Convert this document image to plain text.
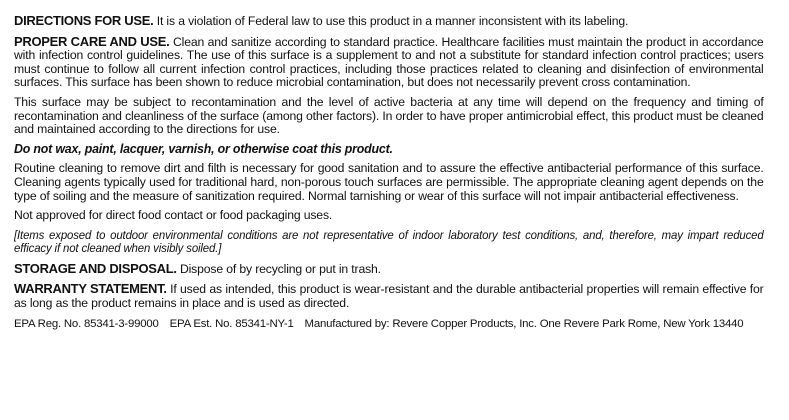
DIRECTIONS FOR USE. It is a violation of Federal law to use this product in a manner inconsistent with its labeling.

PROPER CARE AND USE. Clean and sanitize according to standard practice. Healthcare facilities must maintain the product in accordance with infection control guidelines. The use of this surface is a supplement to and not a substitute for standard infection control practices; users must continue to follow all current infection control practices, including those practices related to cleaning and disinfection of environmental surfaces. This surface has been shown to reduce microbial contamination, but does not necessarily prevent cross contamination.

This surface may be subject to recontamination and the level of active bacteria at any time will depend on the frequency and timing of recontamination and cleanliness of the surface (among other factors). In order to have proper antimicrobial effect, this product must be cleaned and maintained according to the directions for use.

Do not wax, paint, lacquer, varnish, or otherwise coat this product.

Routine cleaning to remove dirt and filth is necessary for good sanitation and to assure the effective antibacterial performance of this surface. Cleaning agents typically used for traditional hard, non-porous touch surfaces are permissible. The appropriate cleaning agent depends on the type of soiling and the measure of sanitization required. Normal tarnishing or wear of this surface will not impair antibacterial effectiveness.

Not approved for direct food contact or food packaging uses.

[Items exposed to outdoor environmental conditions are not representative of indoor laboratory test conditions, and, therefore, may impart reduced efficacy if not cleaned when visibly soiled.]

STORAGE AND DISPOSAL. Dispose of by recycling or put in trash.

WARRANTY STATEMENT. If used as intended, this product is wear-resistant and the durable antibacterial properties will remain effective for as long as the product remains in place and is used as directed.

EPA Reg. No. 85341-3-99000 EPA Est. No. 85341-NY-1 Manufactured by: Revere Copper Products, Inc. One Revere Park Rome, New York 13440
